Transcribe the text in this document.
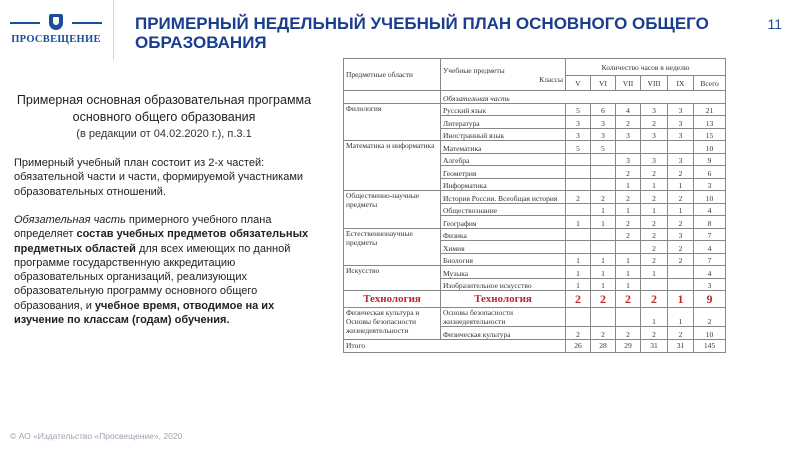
ПРОСВЕЩЕНИЕ
ПРИМЕРНЫЙ НЕДЕЛЬНЫЙ УЧЕБНЫЙ ПЛАН ОСНОВНОГО ОБЩЕГО ОБРАЗОВАНИЯ
11
Примерная основная образовательная программа основного общего образования
(в редакции от 04.02.2020 г.), п.3.1

Примерный учебный план состоит из 2-х частей: обязательной части и части, формируемой участниками образовательных отношений.

Обязательная часть примерного учебного плана определяет состав учебных предметов обязательных предметных областей для всех имеющих по данной программе государственную аккредитацию образовательных организаций, реализующих образовательную программу основного общего образования, и учебное время, отводимое на их изучение по классам (годам) обучения.

Предметные области	Учебные предметы
Классы	Количество часов в неделю					
		V	VI	VII	VIII	IX	Всего
	Обязательная часть						
Филология	Русский язык	5	6	4	3	3	21
	Литература	3	3	2	2	3	13
	Иностранный язык	3	3	3	3	3	15
Математика и информатика	Математика	5	5				10
	Алгебра			3	3	3	9
	Геометрия			2	2	2	6
	Информатика			1	1	1	3
Общественно-научные предметы	История России. Всеобщая история	2	2	2	2	2	10
	Обществознание		1	1	1	1	4
	География	1	1	2	2	2	8
Естественнонаучные предметы	Физика			2	2	3	7
	Химия				2	2	4
	Биология	1	1	1	2	2	7
Искусство	Музыка	1	1	1	1		4
	Изобразительное искусство	1	1	1			3
Технология	Технология	2	2	2	2	1	9
Физическая культура и Основы безопасности жизнедеятельности	Основы безопасности жизнедеятельности				1	1	2
	Физическая культура	2	2	2	2	2	10
Итого		26	28	29	31	31	145
© АО «Издательство «Просвещение», 2020
